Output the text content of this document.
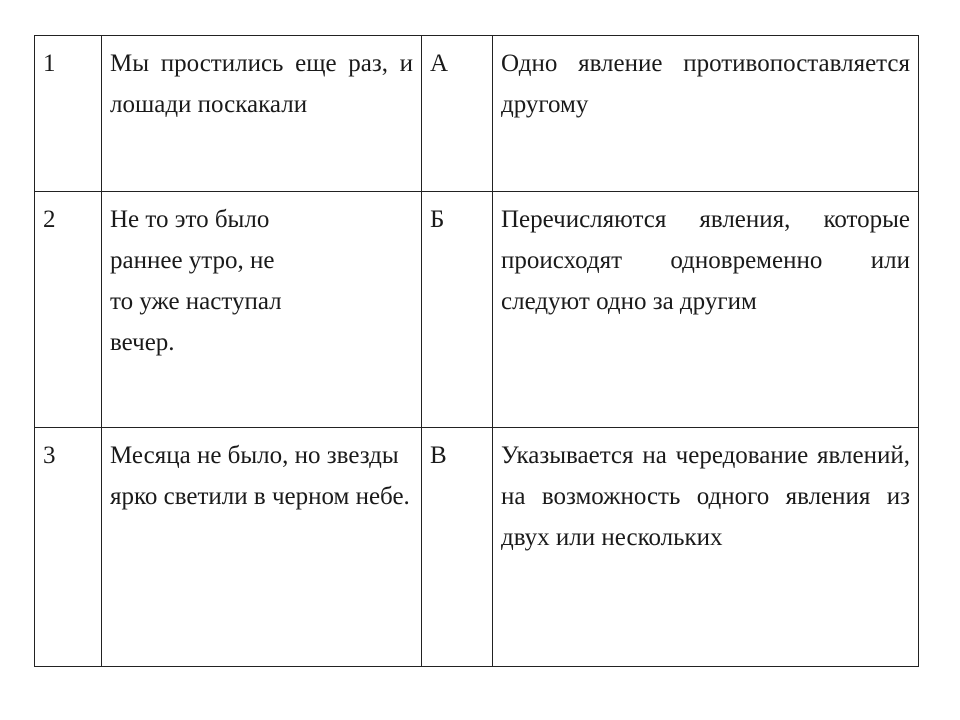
1	Мы простились еще раз, и лошади поскакали	А	Одно явление противопоставляется другому
2	Не то это было
раннее утро, не
то уже наступал
вечер.	Б	Перечисляются явления, которые происходят одновременно или следуют одно за другим
3	Месяца не было, но звезды ярко светили в черном небе.	В	Указывается на чередование явлений, на возможность одного явления из двух или нескольких
